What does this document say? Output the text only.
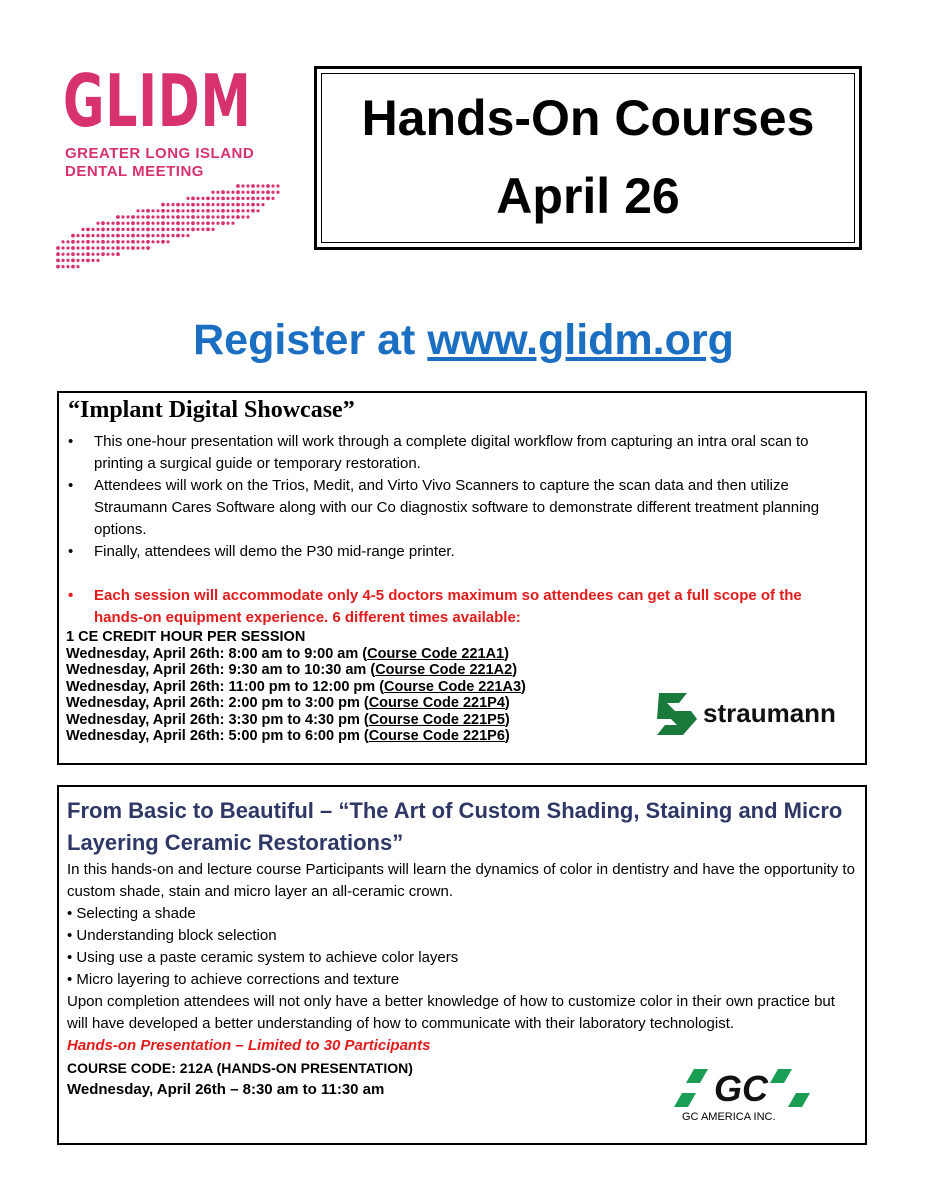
GLIDM
GREATER LONG ISLAND
DENTAL MEETING
Hands-On Courses
April 26
Register at www.glidm.org
“Implant Digital Showcase”
• This one-hour presentation will work through a complete digital workflow from capturing an intra oral scan to printing a surgical guide or temporary restoration.
• Attendees will work on the Trios, Medit, and Virto Vivo Scanners to capture the scan data and then utilize Straumann Cares Software along with our Co diagnostix software to demonstrate different treatment planning options.
• Finally, attendees will demo the P30 mid-range printer.
• Each session will accommodate only 4-5 doctors maximum so attendees can get a full scope of the hands-on equipment experience. 6 different times available:
1 CE CREDIT HOUR PER SESSION
Wednesday, April 26th: 8:00 am to 9:00 am (Course Code 221A1)
Wednesday, April 26th: 9:30 am to 10:30 am (Course Code 221A2)
Wednesday, April 26th: 11:00 pm to 12:00 pm (Course Code 221A3)
Wednesday, April 26th: 2:00 pm to 3:00 pm (Course Code 221P4)
Wednesday, April 26th: 3:30 pm to 4:30 pm (Course Code 221P5)
Wednesday, April 26th: 5:00 pm to 6:00 pm (Course Code 221P6)
straumann
From Basic to Beautiful – “The Art of Custom Shading, Staining and Micro Layering Ceramic Restorations”

In this hands-on and lecture course Participants will learn the dynamics of color in dentistry and have the opportunity to custom shade, stain and micro layer an all-ceramic crown.

• Selecting a shade

• Understanding block selection

• Using use a paste ceramic system to achieve color layers

• Micro layering to achieve corrections and texture

Upon completion attendees will not only have a better knowledge of how to customize color in their own practice but will have developed a better understanding of how to communicate with their laboratory technologist.

Hands-on Presentation – Limited to 30 Participants

COURSE CODE: 212A (HANDS-ON PRESENTATION)

Wednesday, April 26th – 8:30 am to 11:30 am	GC
GC AMERICA INC.
